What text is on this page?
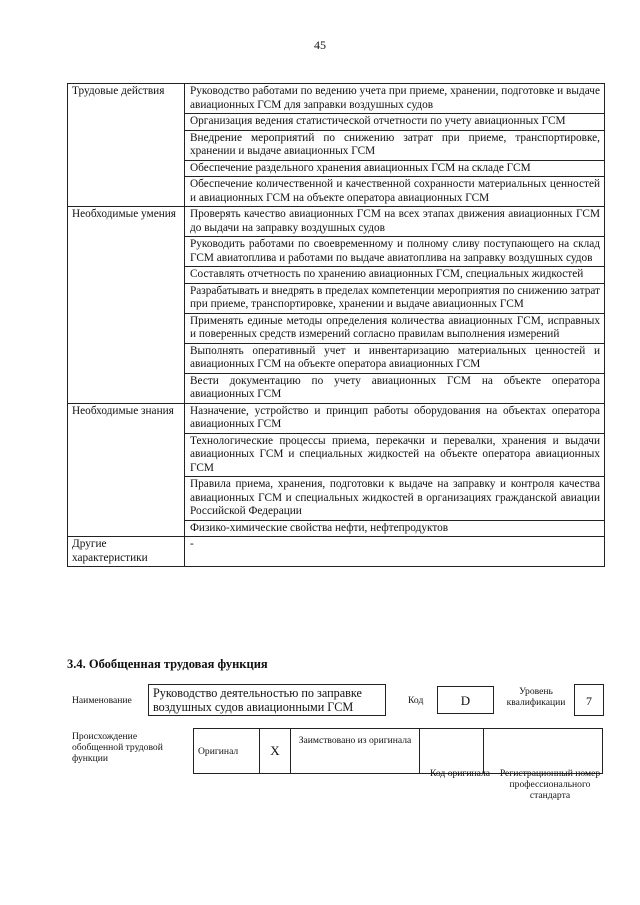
45
Трудовые действия	Руководство работами по ведению учета при приеме, хранении, подготовке и выдаче авиационных ГСМ для заправки воздушных судов
	Организация ведения статистической отчетности по учету авиационных ГСМ
	Внедрение мероприятий по снижению затрат при приеме, транспортировке, хранении и выдаче авиационных ГСМ
	Обеспечение раздельного хранения авиационных ГСМ на складе ГСМ
	Обеспечение количественной и качественной сохранности материальных ценностей и авиационных ГСМ на объекте оператора авиационных ГСМ
Необходимые умения	Проверять качество авиационных ГСМ на всех этапах движения авиационных ГСМ до выдачи на заправку воздушных судов
	Руководить работами по своевременному и полному сливу поступающего на склад ГСМ авиатоплива и работами по выдаче авиатоплива на заправку воздушных судов
	Составлять отчетность по хранению авиационных ГСМ, специальных жидкостей
	Разрабатывать и внедрять в пределах компетенции мероприятия по снижению затрат при приеме, транспортировке, хранении и выдаче авиационных ГСМ
	Применять единые методы определения количества авиационных ГСМ, исправных и поверенных средств измерений согласно правилам выполнения измерений
	Выполнять оперативный учет и инвентаризацию материальных ценностей и авиационных ГСМ на объекте оператора авиационных ГСМ
	Вести документацию по учету авиационных ГСМ на объекте оператора авиационных ГСМ
Необходимые знания	Назначение, устройство и принцип работы оборудования на объектах оператора авиационных ГСМ
	Технологические процессы приема, перекачки и перевалки, хранения и выдачи авиационных ГСМ и специальных жидкостей на объекте оператора авиационных ГСМ
	Правила приема, хранения, подготовки к выдаче на заправку и контроля качества авиационных ГСМ и специальных жидкостей в организациях гражданской авиации Российской Федерации
	Физико-химические свойства нефти, нефтепродуктов
Другие характеристики	-
3.4. Обобщенная трудовая функция
Наименование
Руководство деятельностью по заправке воздушных судов авиационными ГСМ	Код	D
Уровень квалификации	7
Происхождение обобщенной трудовой функции
Оригинал	X	Заимствовано из оригинала		
Код оригинала	Регистрационный номер профессионального стандарта
